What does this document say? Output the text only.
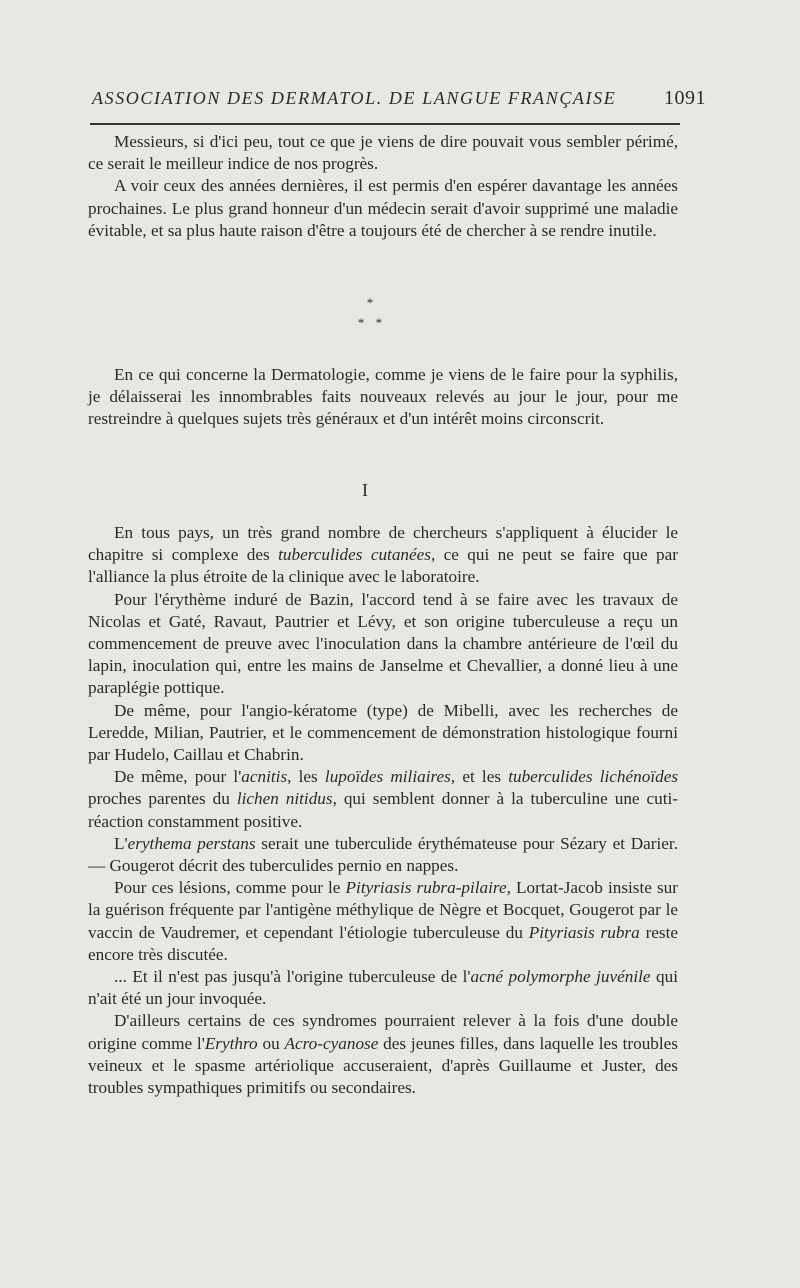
ASSOCIATION DES DERMATOL. DE LANGUE FRANÇAISE 1091

Messieurs, si d'ici peu, tout ce que je viens de dire pouvait vous sembler périmé, ce serait le meilleur indice de nos progrès.

A voir ceux des années dernières, il est permis d'en espérer davantage les années prochaines. Le plus grand honneur d'un médecin serait d'avoir supprimé une maladie évitable, et sa plus haute raison d'être a toujours été de chercher à se rendre inutile.

*
* *

En ce qui concerne la Dermatologie, comme je viens de le faire pour la syphilis, je délaisserai les innombrables faits nouveaux relevés au jour le jour, pour me restreindre à quelques sujets très généraux et d'un intérêt moins circonscrit.

I

En tous pays, un très grand nombre de chercheurs s'appliquent à élucider le chapitre si complexe des tuberculides cutanées, ce qui ne peut se faire que par l'alliance la plus étroite de la clinique avec le laboratoire.

Pour l'érythème induré de Bazin, l'accord tend à se faire avec les travaux de Nicolas et Gaté, Ravaut, Pautrier et Lévy, et son origine tuberculeuse a reçu un commencement de preuve avec l'inoculation dans la chambre antérieure de l'œil du lapin, inoculation qui, entre les mains de Janselme et Chevallier, a donné lieu à une paraplégie pottique.

De même, pour l'angio-kératome (type) de Mibelli, avec les recherches de Leredde, Milian, Pautrier, et le commencement de démonstration histologique fourni par Hudelo, Caillau et Chabrin.

De même, pour l'acnitis, les lupoïdes miliaires, et les tuberculides lichénoïdes proches parentes du lichen nitidus, qui semblent donner à la tuberculine une cuti-réaction constamment positive.

L'erythema perstans serait une tuberculide érythémateuse pour Sézary et Darier. — Gougerot décrit des tuberculides pernio en nappes.

Pour ces lésions, comme pour le Pityriasis rubra-pilaire, Lortat-Jacob insiste sur la guérison fréquente par l'antigène méthylique de Nègre et Bocquet, Gougerot par le vaccin de Vaudremer, et cependant l'étiologie tuberculeuse du Pityriasis rubra reste encore très discutée.

... Et il n'est pas jusqu'à l'origine tuberculeuse de l'acné polymorphe juvénile qui n'ait été un jour invoquée.

D'ailleurs certains de ces syndromes pourraient relever à la fois d'une double origine comme l'Erythro ou Acro-cyanose des jeunes filles, dans laquelle les troubles veineux et le spasme artériolique accuseraient, d'après Guillaume et Juster, des troubles sympathiques primitifs ou secondaires.
